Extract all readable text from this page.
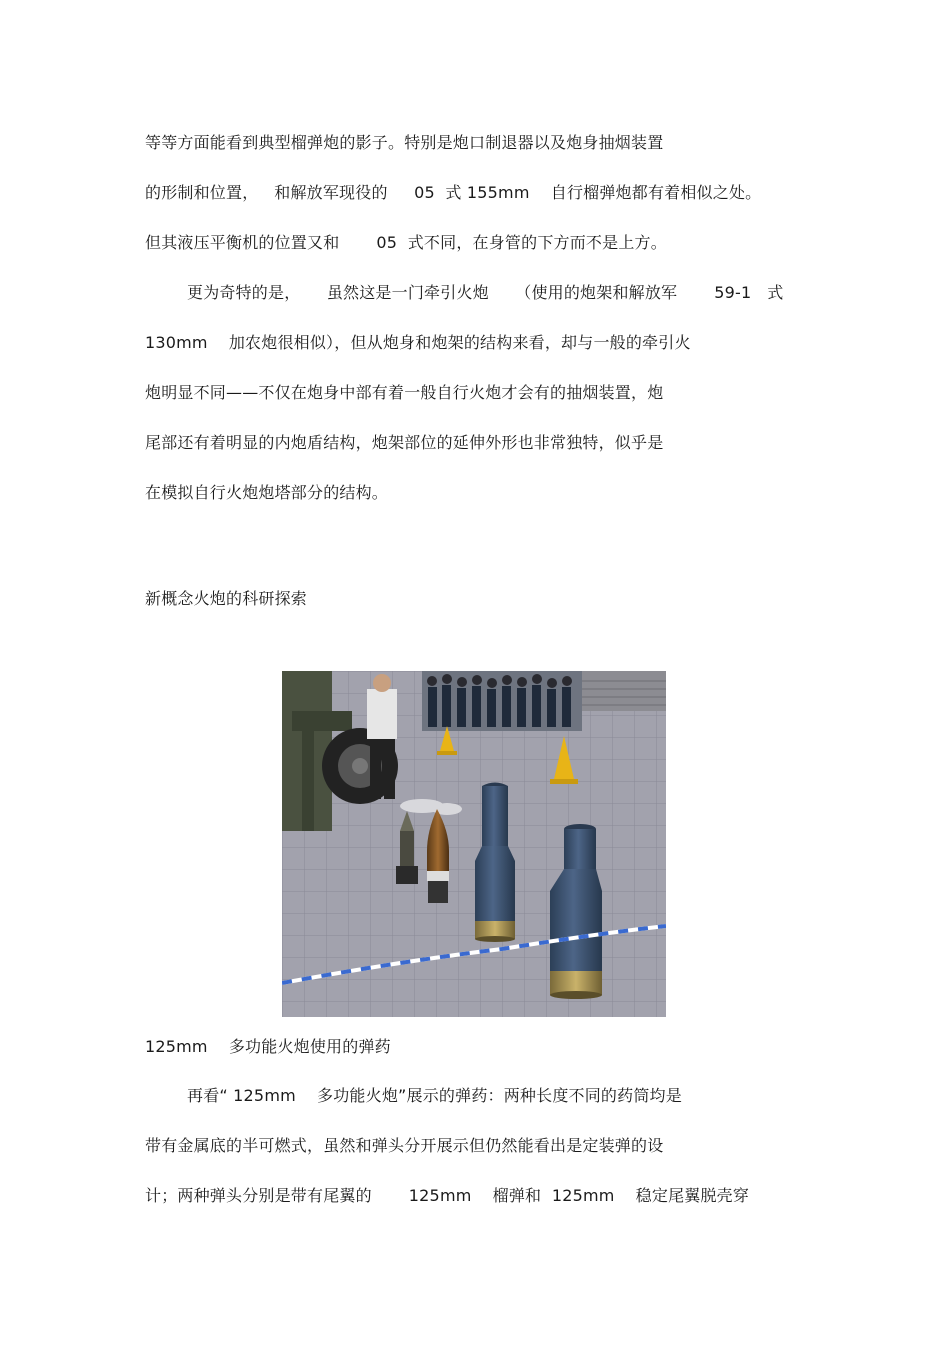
等等方面能看到典型榴弹炮的影子。特别是炮口制退器以及炮身抽烟装置
的形制和位置，   和解放军现役的     05  式 155mm    自行榴弹炮都有着相似之处。
但其液压平衡机的位置又和       05  式不同，在身管的下方而不是上方。
更为奇特的是，     虽然这是一门牵引火炮     （使用的炮架和解放军       59-1   式
130mm    加农炮很相似），但从炮身和炮架的结构来看，却与一般的牵引火
炮明显不同——不仅在炮身中部有着一般自行火炮才会有的抽烟装置，炮
尾部还有着明显的内炮盾结构，炮架部位的延伸外形也非常独特，似乎是
在模拟自行火炮炮塔部分的结构。
新概念火炮的科研探索
125mm    多功能火炮使用的弹药
再看“ 125mm    多功能火炮”展示的弹药：两种长度不同的药筒均是
带有金属底的半可燃式，虽然和弹头分开展示但仍然能看出是定装弹的设
计；两种弹头分别是带有尾翼的       125mm    榴弹和  125mm    稳定尾翼脱壳穿
